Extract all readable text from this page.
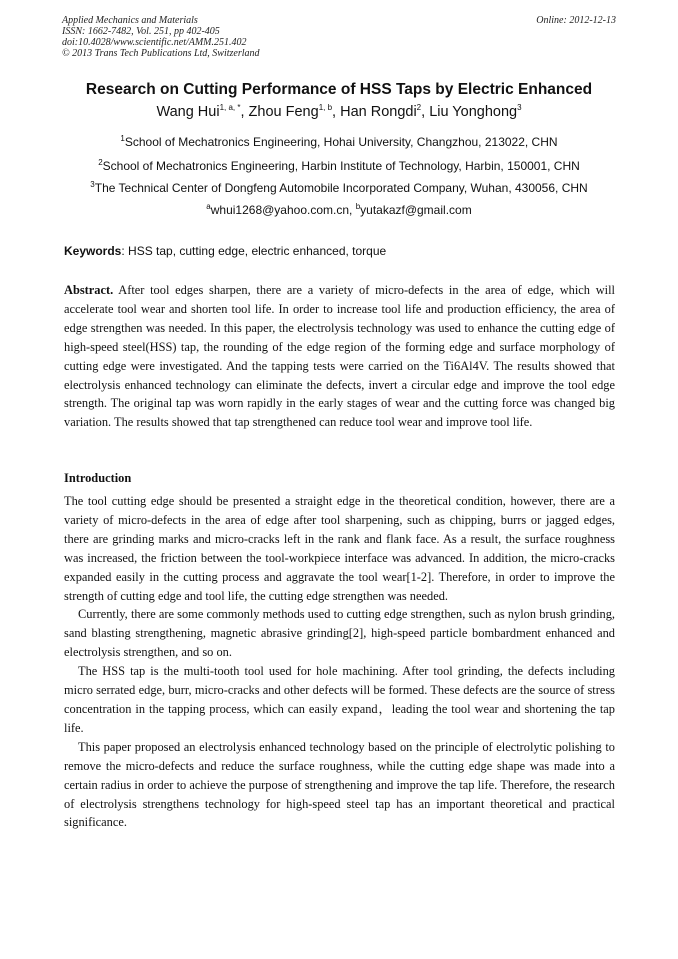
Applied Mechanics and Materials
ISSN: 1662-7482, Vol. 251, pp 402-405
doi:10.4028/www.scientific.net/AMM.251.402
© 2013 Trans Tech Publications Ltd, Switzerland
Online: 2012-12-13
Research on Cutting Performance of HSS Taps by Electric Enhanced
Wang Hui$^{1, a, *}$, Zhou Feng$^{1, b}$, Han Rongdi$^2$, Liu Yonghong$^3$
$^1$School of Mechatronics Engineering, Hohai University, Changzhou, 213022, CHN
$^2$School of Mechatronics Engineering, Harbin Institute of Technology, Harbin, 150001, CHN
$^3$The Technical Center of Dongfeng Automobile Incorporated Company, Wuhan, 430056, CHN
$^a$whui1268@yahoo.com.cn, $^b$yutakazf@gmail.com
Keywords: HSS tap, cutting edge, electric enhanced, torque
Abstract. After tool edges sharpen, there are a variety of micro-defects in the area of edge, which will accelerate tool wear and shorten tool life. In order to increase tool life and production efficiency, the area of edge strengthen was needed. In this paper, the electrolysis technology was used to enhance the cutting edge of high-speed steel(HSS) tap, the rounding of the edge region of the forming edge and surface morphology of cutting edge were investigated. And the tapping tests were carried on the Ti6Al4V. The results showed that electrolysis enhanced technology can eliminate the defects, invert a circular edge and improve the tool edge strength. The original tap was worn rapidly in the early stages of wear and the cutting force was changed big variation. The results showed that tap strengthened can reduce tool wear and improve tool life.
Introduction

The tool cutting edge should be presented a straight edge in the theoretical condition, however, there are a variety of micro-defects in the area of edge after tool sharpening, such as chipping, burrs or jagged edges, there are grinding marks and micro-cracks left in the rank and flank face. As a result, the surface roughness was increased, the friction between the tool-workpiece interface was advanced. In addition, the micro-cracks expanded easily in the cutting process and aggravate the tool wear[1-2]. Therefore, in order to improve the strength of cutting edge and tool life, the cutting edge strengthen was needed.

Currently, there are some commonly methods used to cutting edge strengthen, such as nylon brush grinding, sand blasting strengthening, magnetic abrasive grinding[2], high-speed particle bombardment enhanced and electrolysis strengthen, and so on.

The HSS tap is the multi-tooth tool used for hole machining. After tool grinding, the defects including micro serrated edge, burr, micro-cracks and other defects will be formed. These defects are the source of stress concentration in the tapping process, which can easily expand，leading the tool wear and shortening the tap life.

This paper proposed an electrolysis enhanced technology based on the principle of electrolytic polishing to remove the micro-defects and reduce the surface roughness, while the cutting edge shape was made into a certain radius in order to achieve the purpose of strengthening and improve the tap life. Therefore, the research of electrolysis strengthens technology for high-speed steel tap has an important theoretical and practical significance.
